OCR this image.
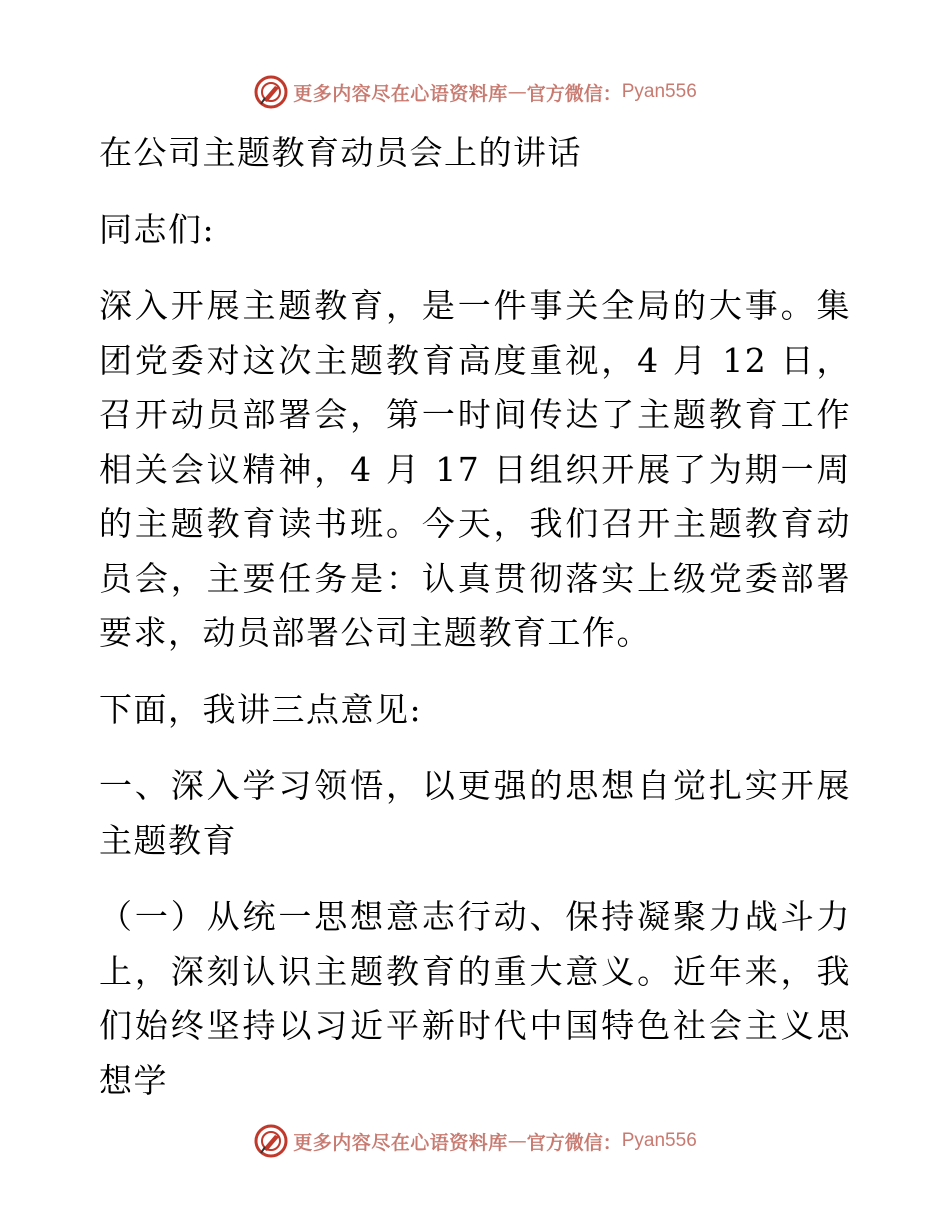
更多内容尽在心语资料库 — 官方微信： Pyan556

在公司主题教育动员会上的讲话

同志们:

深入开展主题教育，是一件事关全局的大事。集团党委对这次主题教育高度重视，4 月 12 日，召开动员部署会，第一时间传达了主题教育工作相关会议精神，4 月 17 日组织开展了为期一周的主题教育读书班。今天，我们召开主题教育动员会，主要任务是：认真贯彻落实上级党委部署要求，动员部署公司主题教育工作。

下面，我讲三点意见:

一、深入学习领悟，以更强的思想自觉扎实开展主题教育

（一）从统一思想意志行动、保持凝聚力战斗力上，深刻认识主题教育的重大意义。近年来，我们始终坚持以习近平新时代中国特色社会主义思想学

更多内容尽在心语资料库 — 官方微信： Pyan556
